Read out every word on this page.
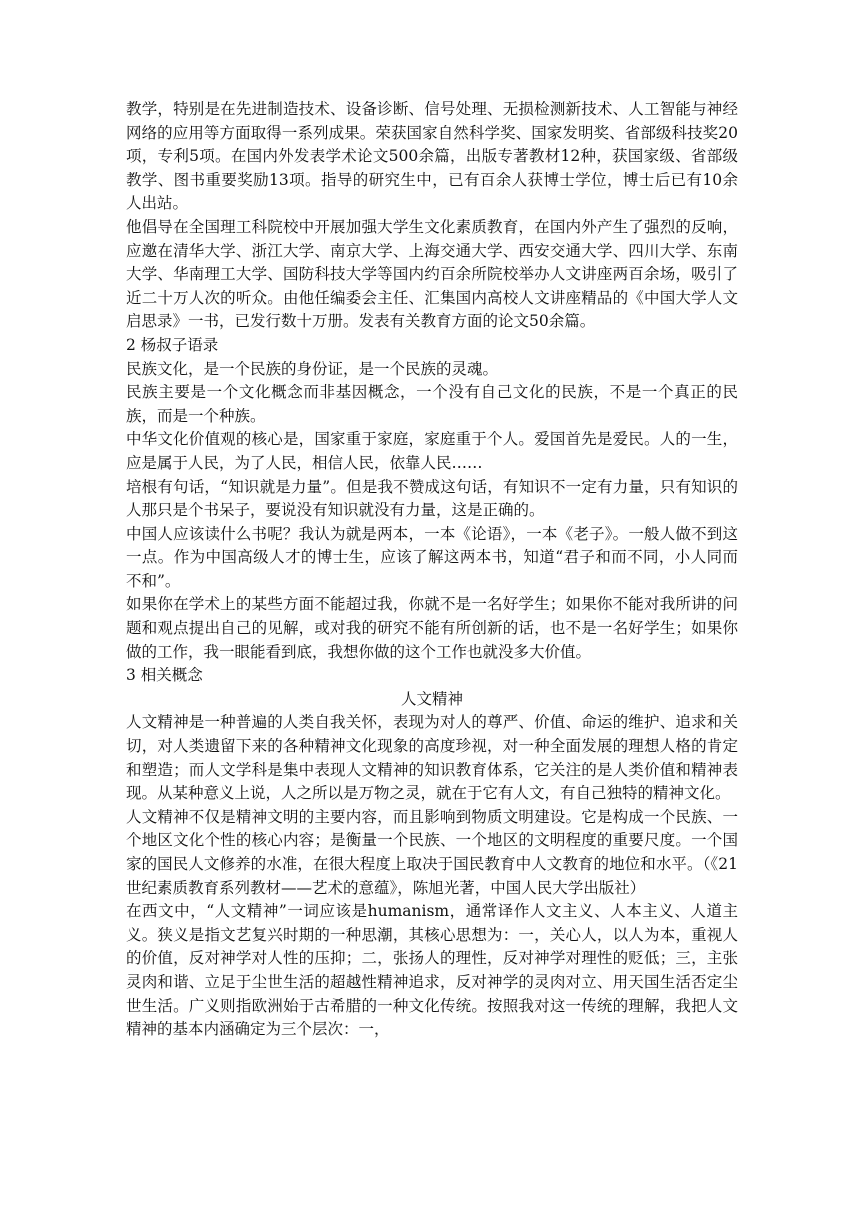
教学，特别是在先进制造技术、设备诊断、信号处理、无损检测新技术、人工智能与神经网络的应用等方面取得一系列成果。荣获国家自然科学奖、国家发明奖、省部级科技奖20项，专利5项。在国内外发表学术论文500余篇，出版专著教材12种，获国家级、省部级教学、图书重要奖励13项。指导的研究生中，已有百余人获博士学位，博士后已有10余人出站。

他倡导在全国理工科院校中开展加强大学生文化素质教育，在国内外产生了强烈的反响，应邀在清华大学、浙江大学、南京大学、上海交通大学、西安交通大学、四川大学、东南大学、华南理工大学、国防科技大学等国内约百余所院校举办人文讲座两百余场，吸引了近二十万人次的听众。由他任编委会主任、汇集国内高校人文讲座精品的《中国大学人文启思录》一书，已发行数十万册。发表有关教育方面的论文50余篇。

2 杨叔子语录

民族文化，是一个民族的身份证，是一个民族的灵魂。

民族主要是一个文化概念而非基因概念，一个没有自己文化的民族，不是一个真正的民族，而是一个种族。

中华文化价值观的核心是，国家重于家庭，家庭重于个人。爱国首先是爱民。人的一生，应是属于人民，为了人民，相信人民，依靠人民……

培根有句话，“知识就是力量”。但是我不赞成这句话，有知识不一定有力量，只有知识的人那只是个书呆子，要说没有知识就没有力量，这是正确的。

中国人应该读什么书呢？我认为就是两本，一本《论语》，一本《老子》。一般人做不到这一点。作为中国高级人才的博士生，应该了解这两本书，知道“君子和而不同，小人同而不和”。

如果你在学术上的某些方面不能超过我，你就不是一名好学生；如果你不能对我所讲的问题和观点提出自己的见解，或对我的研究不能有所创新的话，也不是一名好学生；如果你做的工作，我一眼能看到底，我想你做的这个工作也就没多大价值。

3 相关概念

人文精神

人文精神是一种普遍的人类自我关怀，表现为对人的尊严、价值、命运的维护、追求和关切，对人类遗留下来的各种精神文化现象的高度珍视，对一种全面发展的理想人格的肯定和塑造；而人文学科是集中表现人文精神的知识教育体系，它关注的是人类价值和精神表现。从某种意义上说，人之所以是万物之灵，就在于它有人文，有自己独特的精神文化。

人文精神不仅是精神文明的主要内容，而且影响到物质文明建设。它是构成一个民族、一个地区文化个性的核心内容；是衡量一个民族、一个地区的文明程度的重要尺度。一个国家的国民人文修养的水准，在很大程度上取决于国民教育中人文教育的地位和水平。（《21世纪素质教育系列教材——艺术的意蕴》，陈旭光著，中国人民大学出版社）

在西文中，“人文精神”一词应该是humanism，通常译作人文主义、人本主义、人道主义。狭义是指文艺复兴时期的一种思潮，其核心思想为：一，关心人，以人为本，重视人的价值，反对神学对人性的压抑；二，张扬人的理性，反对神学对理性的贬低；三，主张灵肉和谐、立足于尘世生活的超越性精神追求，反对神学的灵肉对立、用天国生活否定尘世生活。广义则指欧洲始于古希腊的一种文化传统。按照我对这一传统的理解，我把人文精神的基本内涵确定为三个层次：一，
